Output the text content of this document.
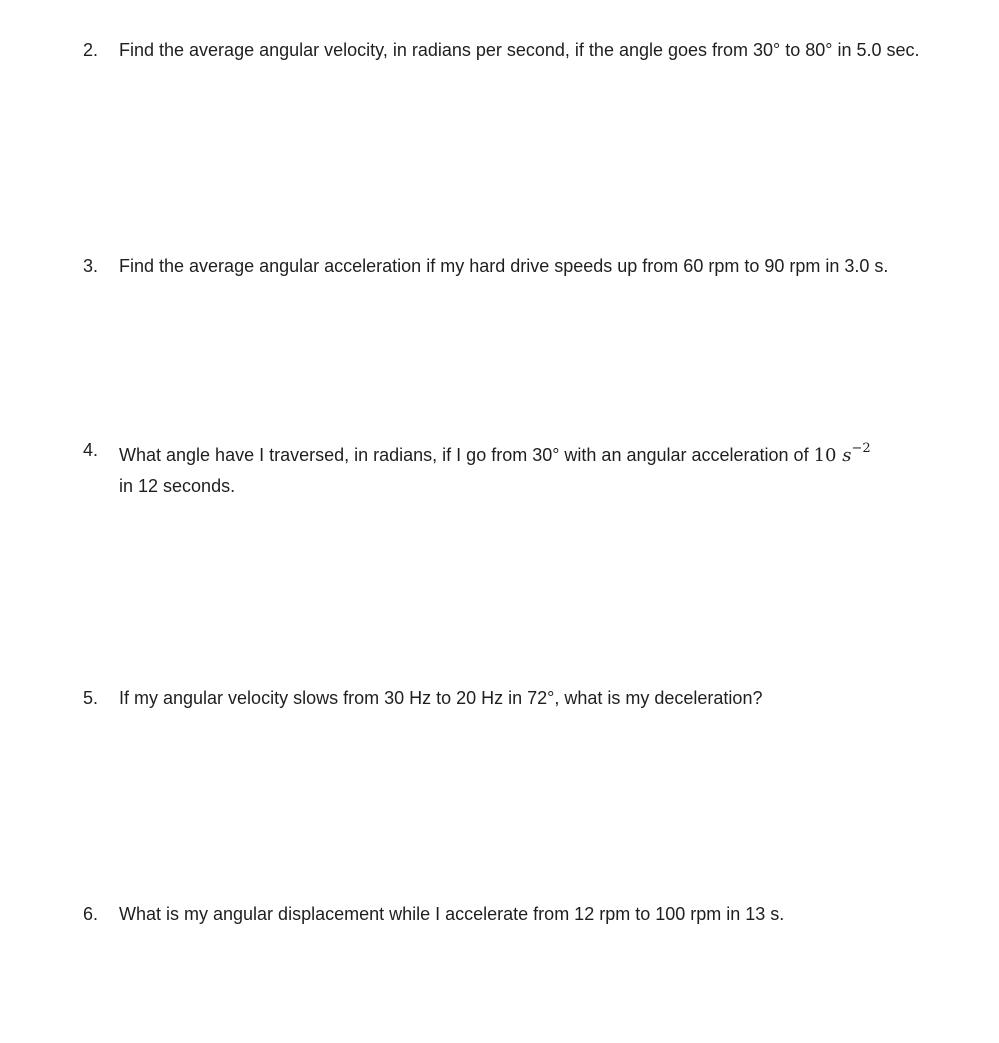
2.	Find the average angular velocity, in radians per second, if the angle goes from 30° to 80° in 5.0 sec.
3.	Find the average angular acceleration if my hard drive speeds up from 60 rpm to 90 rpm in 3.0 s.
4.	What angle have I traversed, in radians, if I go from 30° with an angular acceleration of 10 $s^{-2}$
in 12 seconds.
5.	If my angular velocity slows from 30 Hz to 20 Hz in 72°, what is my deceleration?
6.	What is my angular displacement while I accelerate from 12 rpm to 100 rpm in 13 s.
